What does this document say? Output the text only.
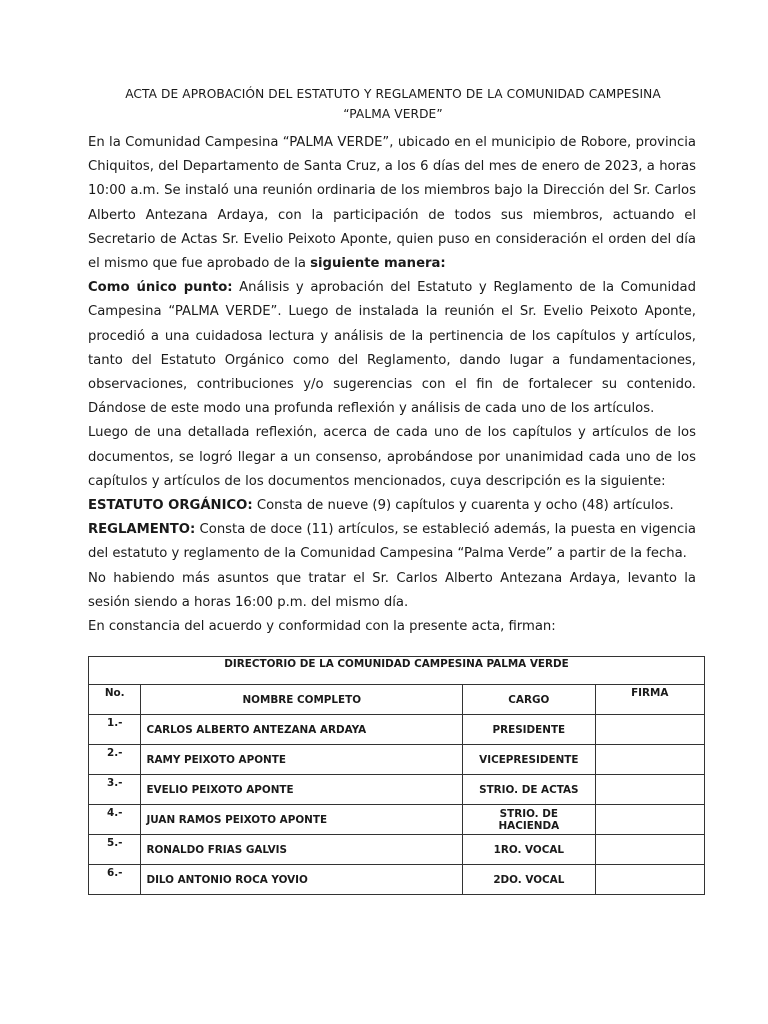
ACTA DE APROBACIÓN DEL ESTATUTO Y REGLAMENTO DE LA COMUNIDAD CAMPESINA
“PALMA VERDE”

En la Comunidad Campesina “PALMA VERDE”, ubicado en el municipio de Robore, provincia Chiquitos, del Departamento de Santa Cruz, a los 6 días del mes de enero de 2023, a horas 10:00 a.m. Se instaló una reunión ordinaria de los miembros bajo la Dirección del Sr. Carlos Alberto Antezana Ardaya, con la participación de todos sus miembros, actuando el Secretario de Actas Sr. Evelio Peixoto Aponte, quien puso en consideración el orden del día el mismo que fue aprobado de la siguiente manera:

Como único punto: Análisis y aprobación del Estatuto y Reglamento de la Comunidad Campesina “PALMA VERDE”. Luego de instalada la reunión el Sr. Evelio Peixoto Aponte, procedió a una cuidadosa lectura y análisis de la pertinencia de los capítulos y artículos, tanto del Estatuto Orgánico como del Reglamento, dando lugar a fundamentaciones, observaciones, contribuciones y/o sugerencias con el fin de fortalecer su contenido. Dándose de este modo una profunda reflexión y análisis de cada uno de los artículos.

Luego de una detallada reflexión, acerca de cada uno de los capítulos y artículos de los documentos, se logró llegar a un consenso, aprobándose por unanimidad cada uno de los capítulos y artículos de los documentos mencionados, cuya descripción es la siguiente:

ESTATUTO ORGÁNICO: Consta de nueve (9) capítulos y cuarenta y ocho (48) artículos.

REGLAMENTO: Consta de doce (11) artículos, se estableció además, la puesta en vigencia del estatuto y reglamento de la Comunidad Campesina “Palma Verde” a partir de la fecha.

No habiendo más asuntos que tratar el Sr. Carlos Alberto Antezana Ardaya, levanto la sesión siendo a horas 16:00 p.m. del mismo día.

En constancia del acuerdo y conformidad con la presente acta, firman:

DIRECTORIO DE LA COMUNIDAD CAMPESINA PALMA VERDE			
No.	NOMBRE COMPLETO	CARGO	FIRMA
1.-	CARLOS ALBERTO ANTEZANA ARDAYA	PRESIDENTE	
2.-	RAMY PEIXOTO APONTE	VICEPRESIDENTE	
3.-	EVELIO PEIXOTO APONTE	STRIO. DE ACTAS	
4.-	JUAN RAMOS PEIXOTO APONTE	STRIO. DE HACIENDA	
5.-	RONALDO FRIAS GALVIS	1RO. VOCAL	
6.-	DILO ANTONIO ROCA YOVIO	2DO. VOCAL	
